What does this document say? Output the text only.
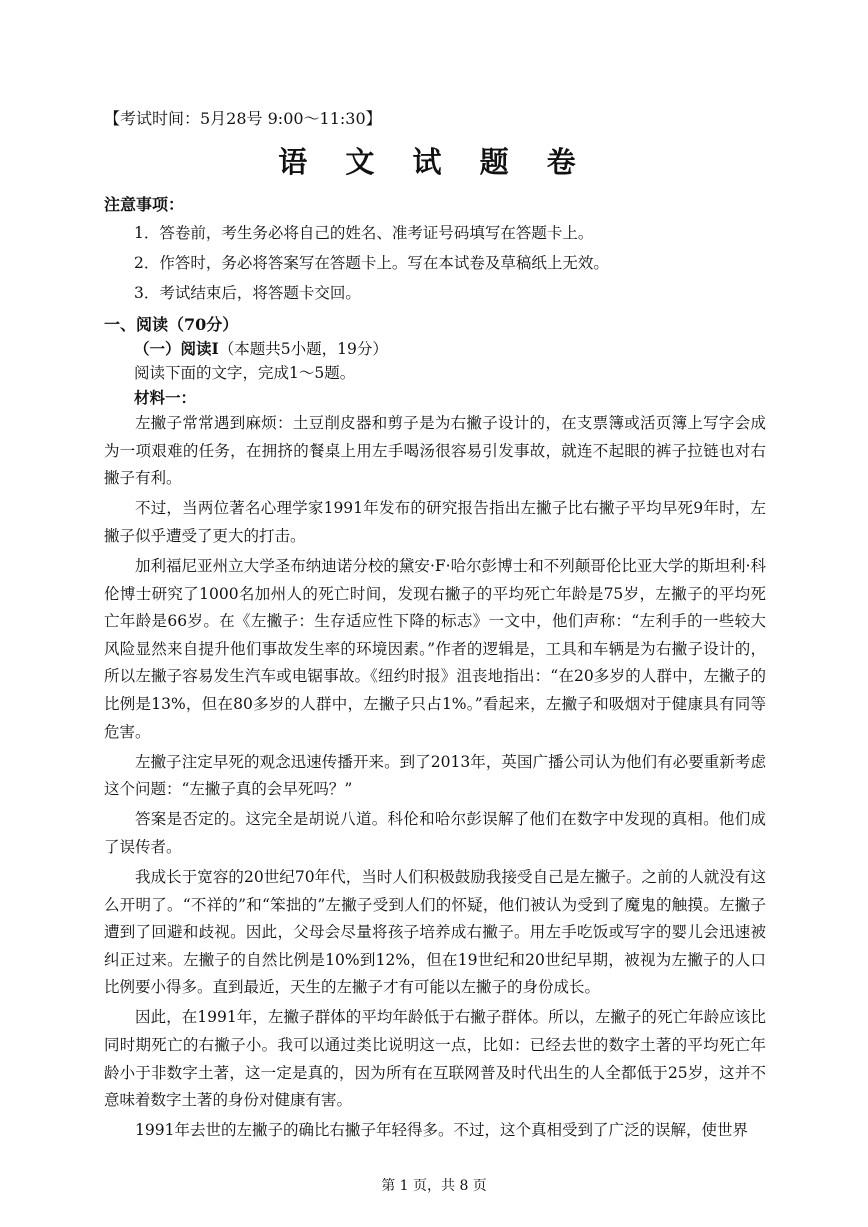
【考试时间：5月28号 9:00～11:30】
语 文 试 题 卷
注意事项：
1．答卷前，考生务必将自己的姓名、准考证号码填写在答题卡上。
2．作答时，务必将答案写在答题卡上。写在本试卷及草稿纸上无效。
3．考试结束后，将答题卡交回。
一、阅读（70分）
（一）阅读Ⅰ（本题共5小题，19分）
阅读下面的文字，完成1～5题。
材料一：

左撇子常常遇到麻烦：土豆削皮器和剪子是为右撇子设计的，在支票簿或活页簿上写字会成为一项艰难的任务，在拥挤的餐桌上用左手喝汤很容易引发事故，就连不起眼的裤子拉链也对右撇子有利。

不过，当两位著名心理学家1991年发布的研究报告指出左撇子比右撇子平均早死9年时，左撇子似乎遭受了更大的打击。

加利福尼亚州立大学圣布纳迪诺分校的黛安·F·哈尔彭博士和不列颠哥伦比亚大学的斯坦利·科伦博士研究了1000名加州人的死亡时间，发现右撇子的平均死亡年龄是75岁，左撇子的平均死亡年龄是66岁。在《左撇子：生存适应性下降的标志》一文中，他们声称：“左利手的一些较大风险显然来自提升他们事故发生率的环境因素。”作者的逻辑是，工具和车辆是为右撇子设计的，所以左撇子容易发生汽车或电锯事故。《纽约时报》沮丧地指出：“在20多岁的人群中，左撇子的比例是13%，但在80多岁的人群中，左撇子只占1%。”看起来，左撇子和吸烟对于健康具有同等危害。

左撇子注定早死的观念迅速传播开来。到了2013年，英国广播公司认为他们有必要重新考虑这个问题：“左撇子真的会早死吗？”

答案是否定的。这完全是胡说八道。科伦和哈尔彭误解了他们在数字中发现的真相。他们成了误传者。

我成长于宽容的20世纪70年代，当时人们积极鼓励我接受自己是左撇子。之前的人就没有这么开明了。“不祥的”和“笨拙的”左撇子受到人们的怀疑，他们被认为受到了魔鬼的触摸。左撇子遭到了回避和歧视。因此，父母会尽量将孩子培养成右撇子。用左手吃饭或写字的婴儿会迅速被纠正过来。左撇子的自然比例是10%到12%，但在19世纪和20世纪早期，被视为左撇子的人口比例要小得多。直到最近，天生的左撇子才有可能以左撇子的身份成长。

因此，在1991年，左撇子群体的平均年龄低于右撇子群体。所以，左撇子的死亡年龄应该比同时期死亡的右撇子小。我可以通过类比说明这一点，比如：已经去世的数字土著的平均死亡年龄小于非数字土著，这一定是真的，因为所有在互联网普及时代出生的人全都低于25岁，这并不意味着数字土著的身份对健康有害。

1991年去世的左撇子的确比右撇子年轻得多。不过，这个真相受到了广泛的误解，使世界

第 1 页，共 8 页
